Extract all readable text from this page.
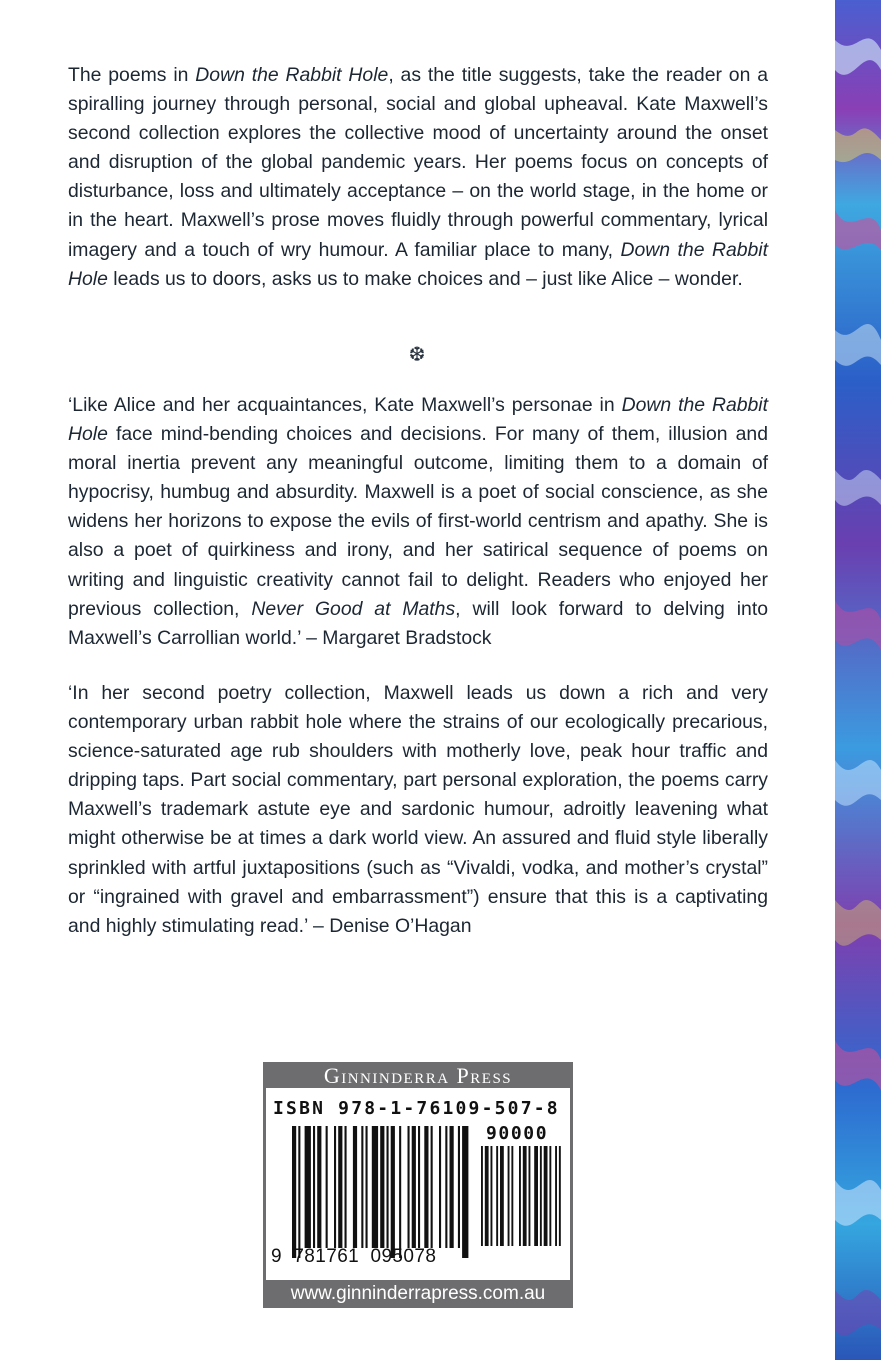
The poems in Down the Rabbit Hole, as the title suggests, take the reader on a spiralling journey through personal, social and global upheaval. Kate Maxwell’s second collection explores the collective mood of uncertainty around the onset and disruption of the global pandemic years. Her poems focus on concepts of disturbance, loss and ultimately acceptance – on the world stage, in the home or in the heart. Maxwell’s prose moves fluidly through powerful commentary, lyrical imagery and a touch of wry humour. A familiar place to many, Down the Rabbit Hole leads us to doors, asks us to make choices and – just like Alice – wonder.

❆

‘Like Alice and her acquaintances, Kate Maxwell’s personae in Down the Rabbit Hole face mind-bending choices and decisions. For many of them, illusion and moral inertia prevent any meaningful outcome, limiting them to a domain of hypocrisy, humbug and absurdity. Maxwell is a poet of social conscience, as she widens her horizons to expose the evils of first-world centrism and apathy. She is also a poet of quirkiness and irony, and her satirical sequence of poems on writing and linguistic creativity cannot fail to delight. Readers who enjoyed her previous collection, Never Good at Maths, will look forward to delving into Maxwell’s Carrollian world.’ – Margaret Bradstock

‘In her second poetry collection, Maxwell leads us down a rich and very contemporary urban rabbit hole where the strains of our ecologically precarious, science-saturated age rub shoulders with motherly love, peak hour traffic and dripping taps. Part social commentary, part personal exploration, the poems carry Maxwell’s trademark astute eye and sardonic humour, adroitly leavening what might otherwise be at times a dark world view. An assured and fluid style liberally sprinkled with artful juxtapositions (such as “Vivaldi, vodka, and mother’s crystal” or “ingrained with gravel and embarrassment”) ensure that this is a captivating and highly stimulating read.’ – Denise O’Hagan

Ginninderra Press
ISBN 978-1-76109-507-8
90000
9  781761  095078
www.ginninderrapress.com.au
